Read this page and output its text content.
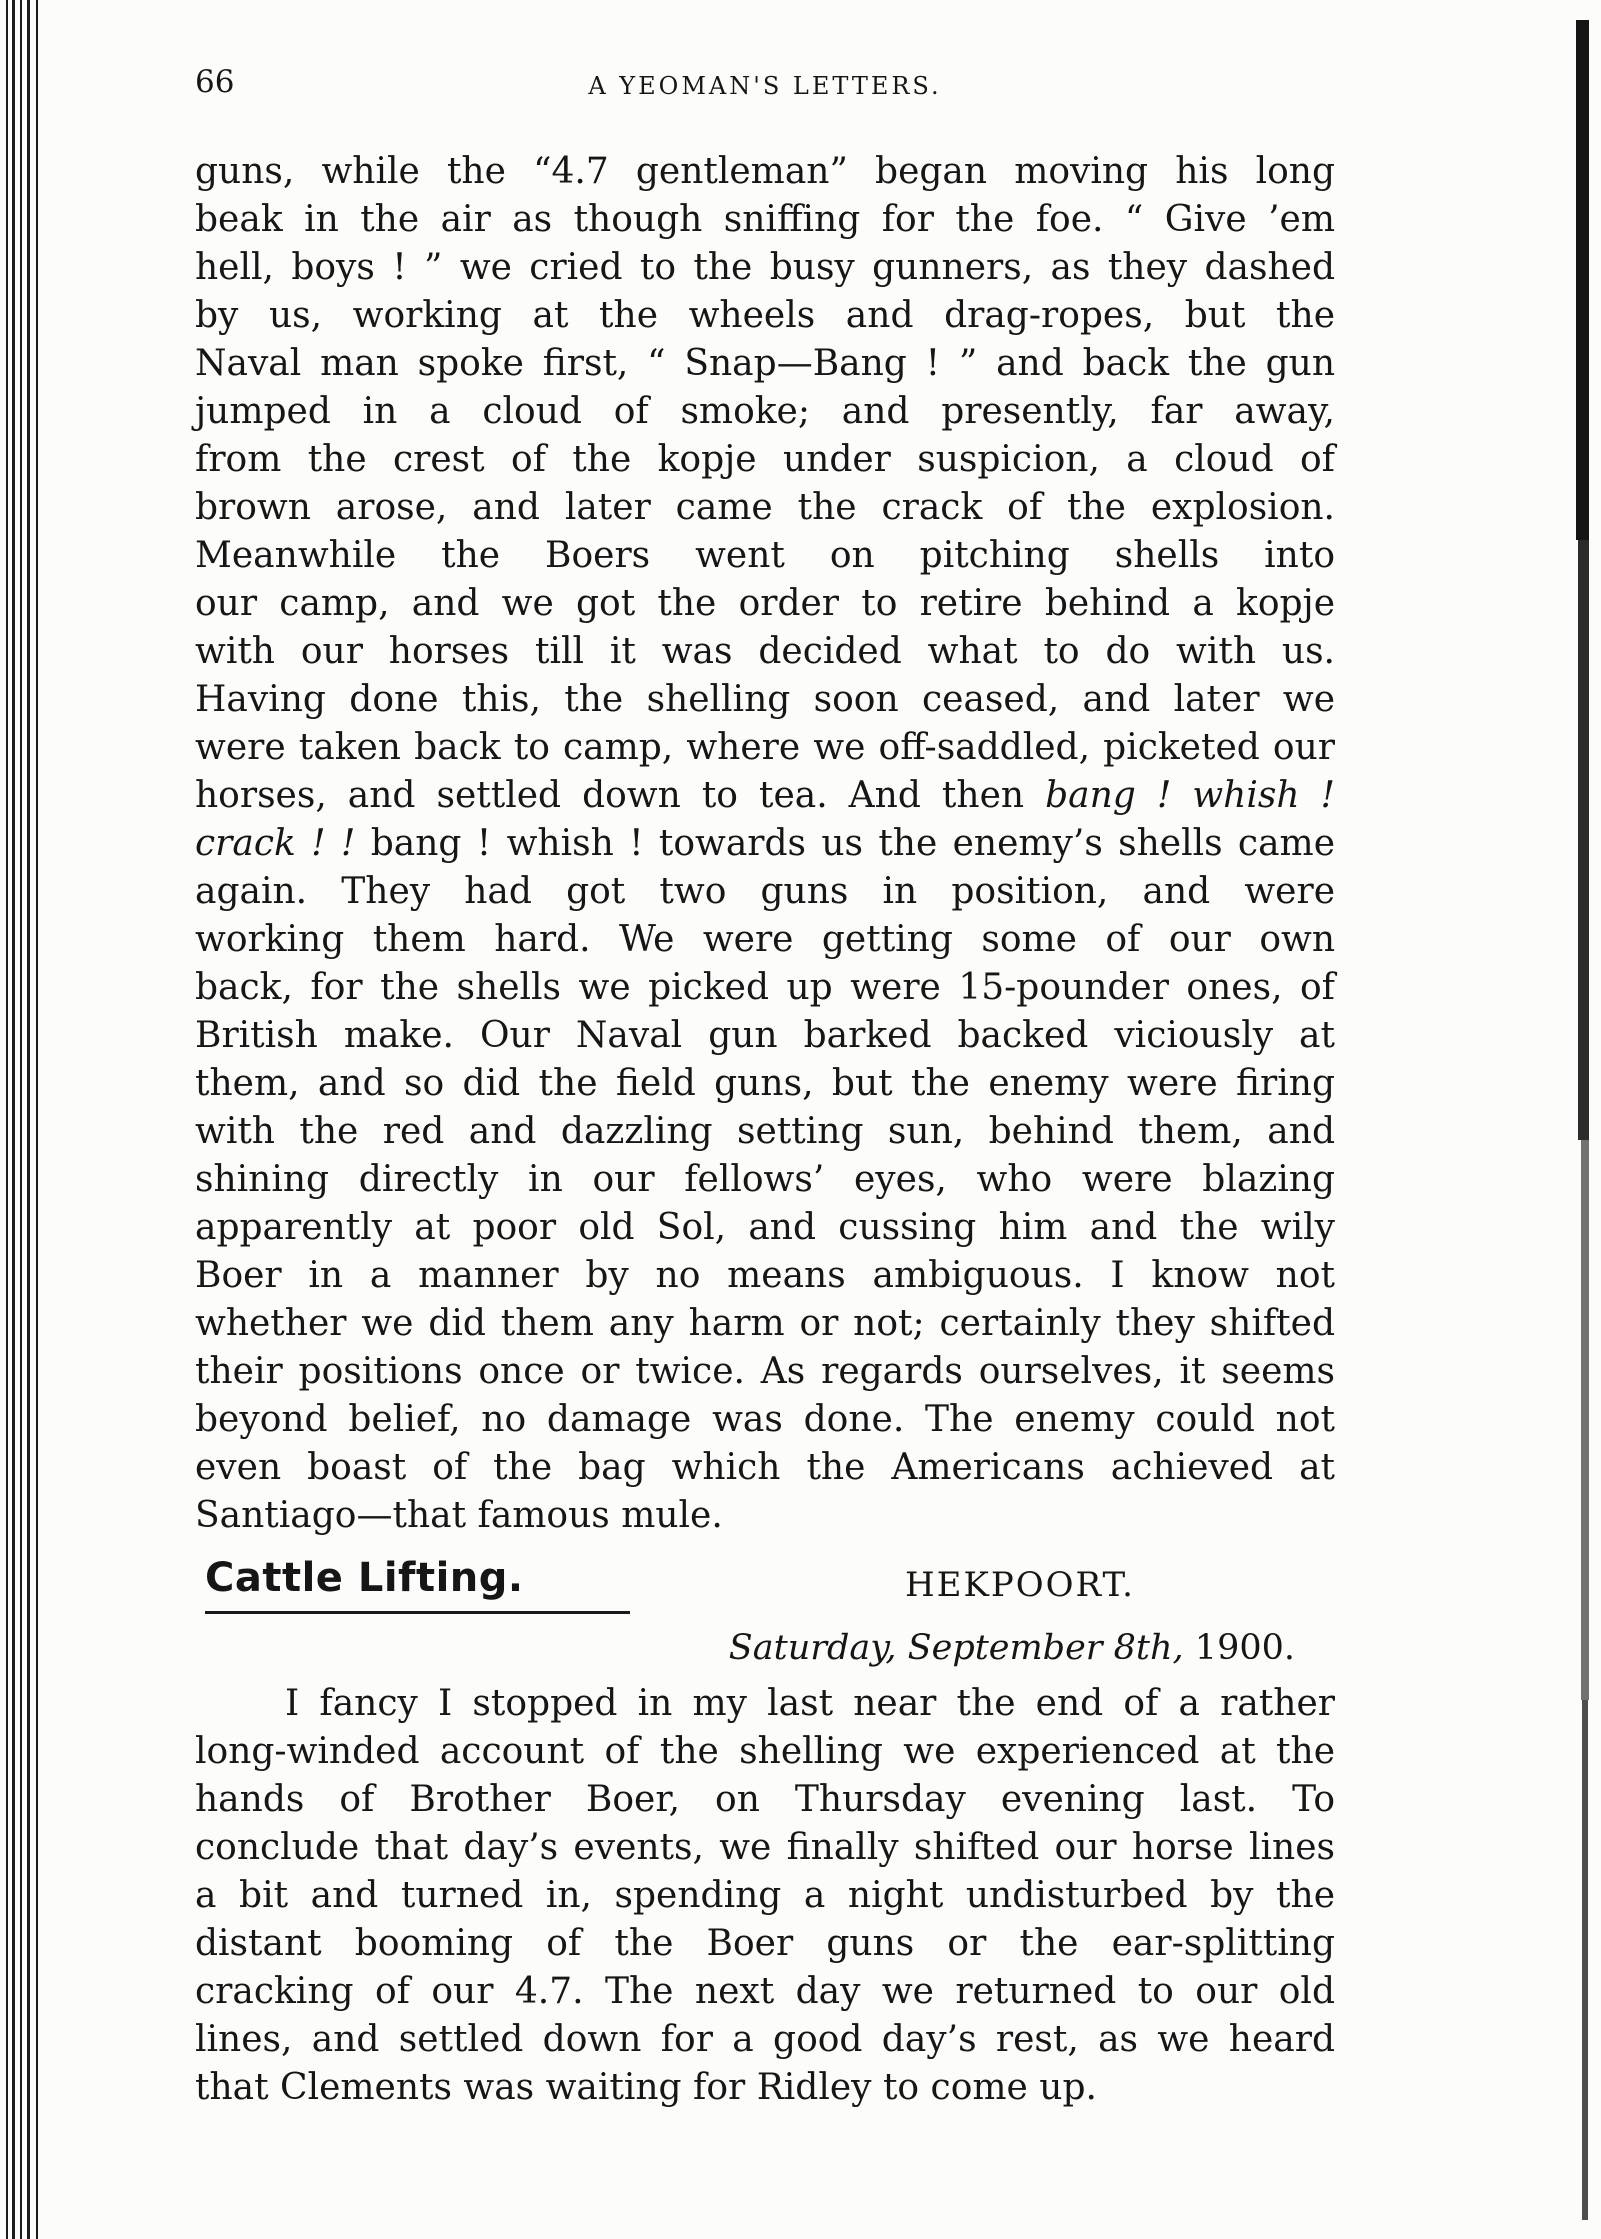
66	A YEOMAN'S LETTERS.
guns, while the “4.7 gentleman” began moving his long
beak in the air as though sniffing for the foe. “ Give ’em
hell, boys ! ” we cried to the busy gunners, as they dashed
by us, working at the wheels and drag-ropes, but the
Naval man spoke first, “ Snap—Bang ! ” and back the gun
jumped in a cloud of smoke; and presently, far away,
from the crest of the kopje under suspicion, a cloud of
brown arose, and later came the crack of the explosion.
Meanwhile the Boers went on pitching shells into
our camp, and we got the order to retire behind a kopje
with our horses till it was decided what to do with us.
Having done this, the shelling soon ceased, and later we
were taken back to camp, where we off-saddled, picketed our
horses, and settled down to tea. And then bang ! whish !
crack ! ! bang ! whish ! towards us the enemy’s shells came
again. They had got two guns in position, and were
working them hard. We were getting some of our own
back, for the shells we picked up were 15-pounder ones, of
British make. Our Naval gun barked backed viciously at
them, and so did the field guns, but the enemy were firing
with the red and dazzling setting sun, behind them, and
shining directly in our fellows’ eyes, who were blazing
apparently at poor old Sol, and cussing him and the wily
Boer in a manner by no means ambiguous. I know not
whether we did them any harm or not; certainly they shifted
their positions once or twice. As regards ourselves, it seems
beyond belief, no damage was done. The enemy could not
even boast of the bag which the Americans achieved at
Santiago—that famous mule.
Cattle Lifting.	HEKPOORT.
Saturday, September 8th, 1900.
I fancy I stopped in my last near the end of a rather
long-winded account of the shelling we experienced at the
hands of Brother Boer, on Thursday evening last. To
conclude that day’s events, we finally shifted our horse lines
a bit and turned in, spending a night undisturbed by the
distant booming of the Boer guns or the ear-splitting
cracking of our 4.7. The next day we returned to our old
lines, and settled down for a good day’s rest, as we heard
that Clements was waiting for Ridley to come up.
